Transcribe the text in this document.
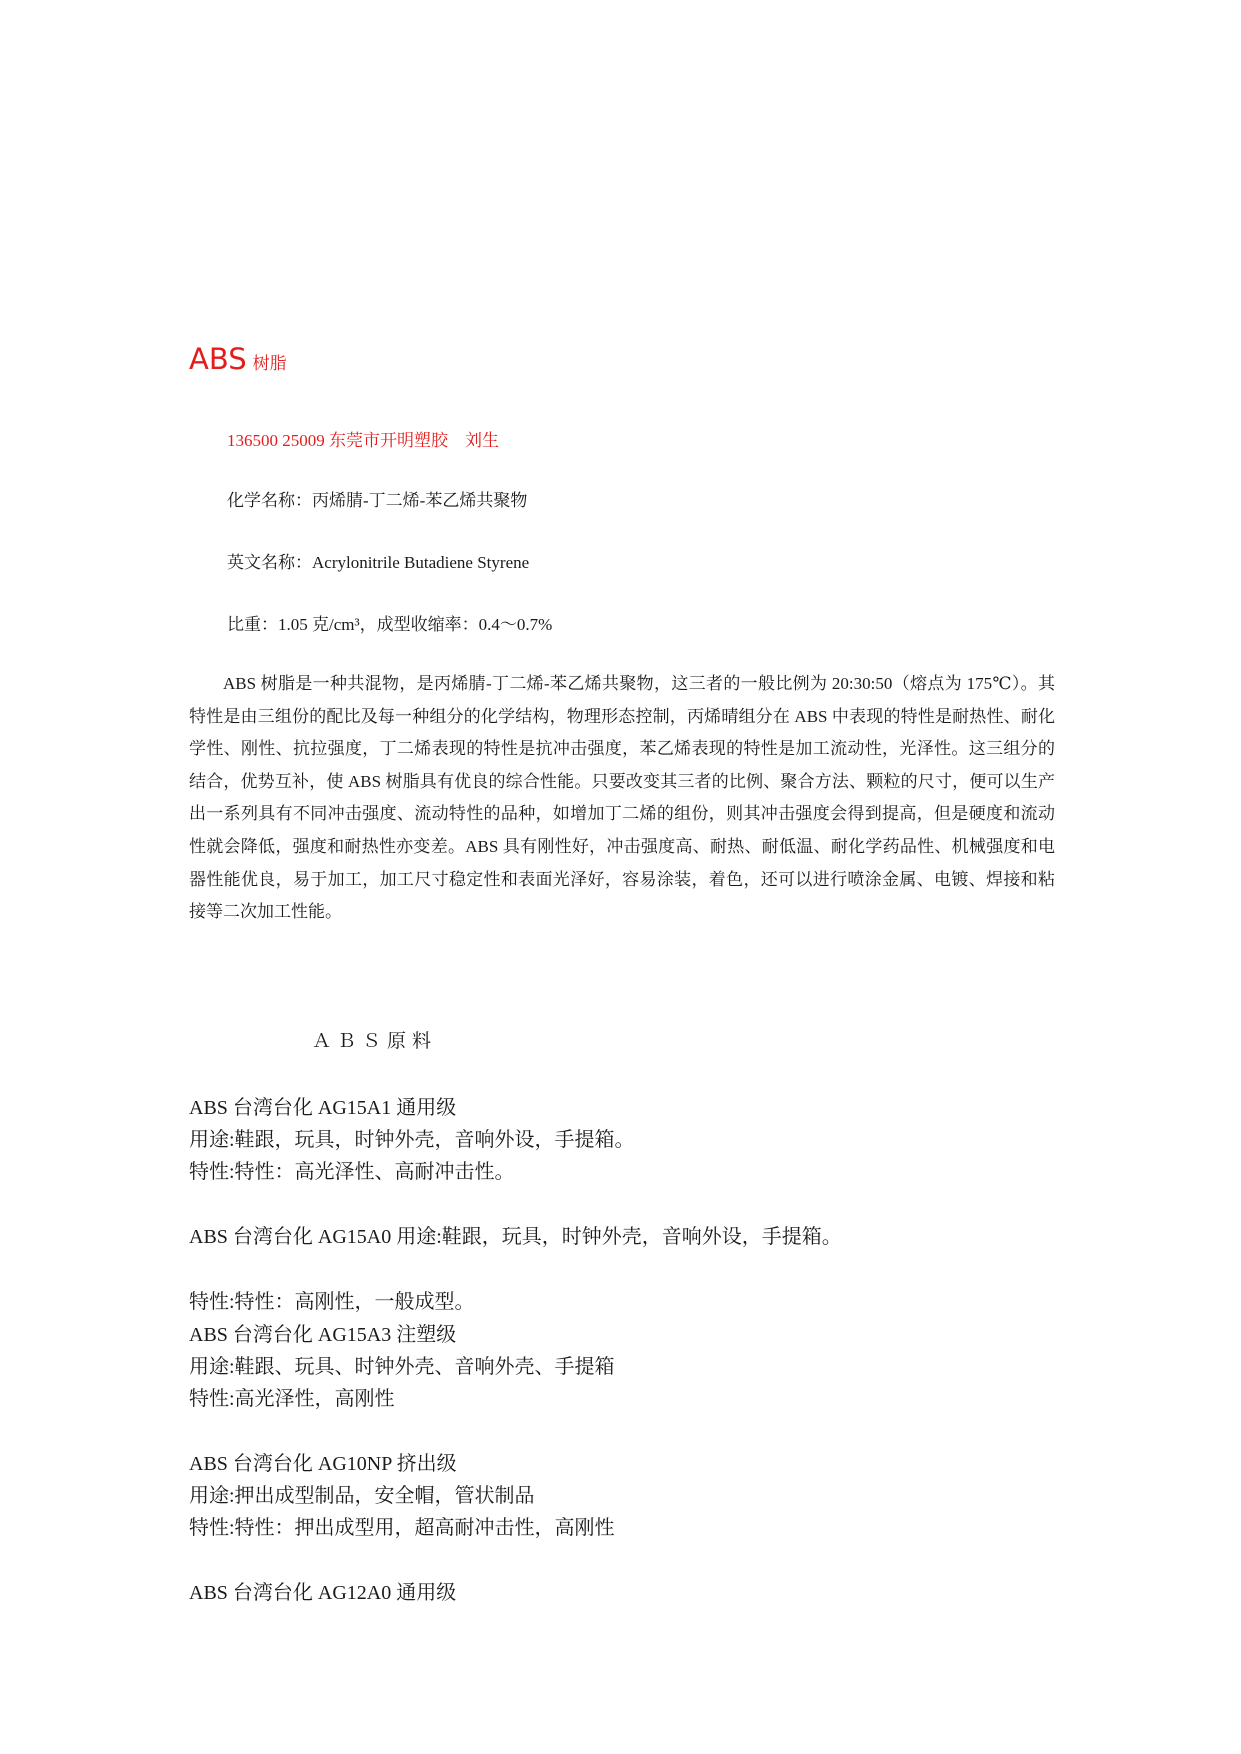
ABS 树脂
136500 25009 东莞市开明塑胶　刘生
化学名称：丙烯腈-丁二烯-苯乙烯共聚物
英文名称：Acrylonitrile Butadiene Styrene
比重：1.05 克/cm³，成型收缩率：0.4～0.7%
ABS 树脂是一种共混物，是丙烯腈-丁二烯-苯乙烯共聚物，这三者的一般比例为 20:30:50（熔点为 175℃）。其特性是由三组份的配比及每一种组分的化学结构，物理形态控制，丙烯晴组分在 ABS 中表现的特性是耐热性、耐化学性、刚性、抗拉强度，丁二烯表现的特性是抗冲击强度，苯乙烯表现的特性是加工流动性，光泽性。这三组分的结合，优势互补，使 ABS 树脂具有优良的综合性能。只要改变其三者的比例、聚合方法、颗粒的尺寸，便可以生产出一系列具有不同冲击强度、流动特性的品种，如增加丁二烯的组份，则其冲击强度会得到提高，但是硬度和流动性就会降低，强度和耐热性亦变差。ABS 具有刚性好，冲击强度高、耐热、耐低温、耐化学药品性、机械强度和电器性能优良，易于加工，加工尺寸稳定性和表面光泽好，容易涂装，着色，还可以进行喷涂金属、电镀、焊接和粘接等二次加工性能。
ＡＢＳ原料
ABS 台湾台化 AG15A1 通用级
用途:鞋跟，玩具，时钟外壳，音响外设，手提箱。
特性:特性：高光泽性、高耐冲击性。
ABS 台湾台化 AG15A0 用途:鞋跟，玩具，时钟外壳，音响外设，手提箱。
特性:特性：高刚性，一般成型。
ABS 台湾台化 AG15A3 注塑级
用途:鞋跟、玩具、时钟外壳、音响外壳、手提箱
特性:高光泽性，高刚性
ABS 台湾台化 AG10NP 挤出级
用途:押出成型制品，安全帽，管状制品
特性:特性：押出成型用，超高耐冲击性，高刚性
ABS 台湾台化 AG12A0 通用级
